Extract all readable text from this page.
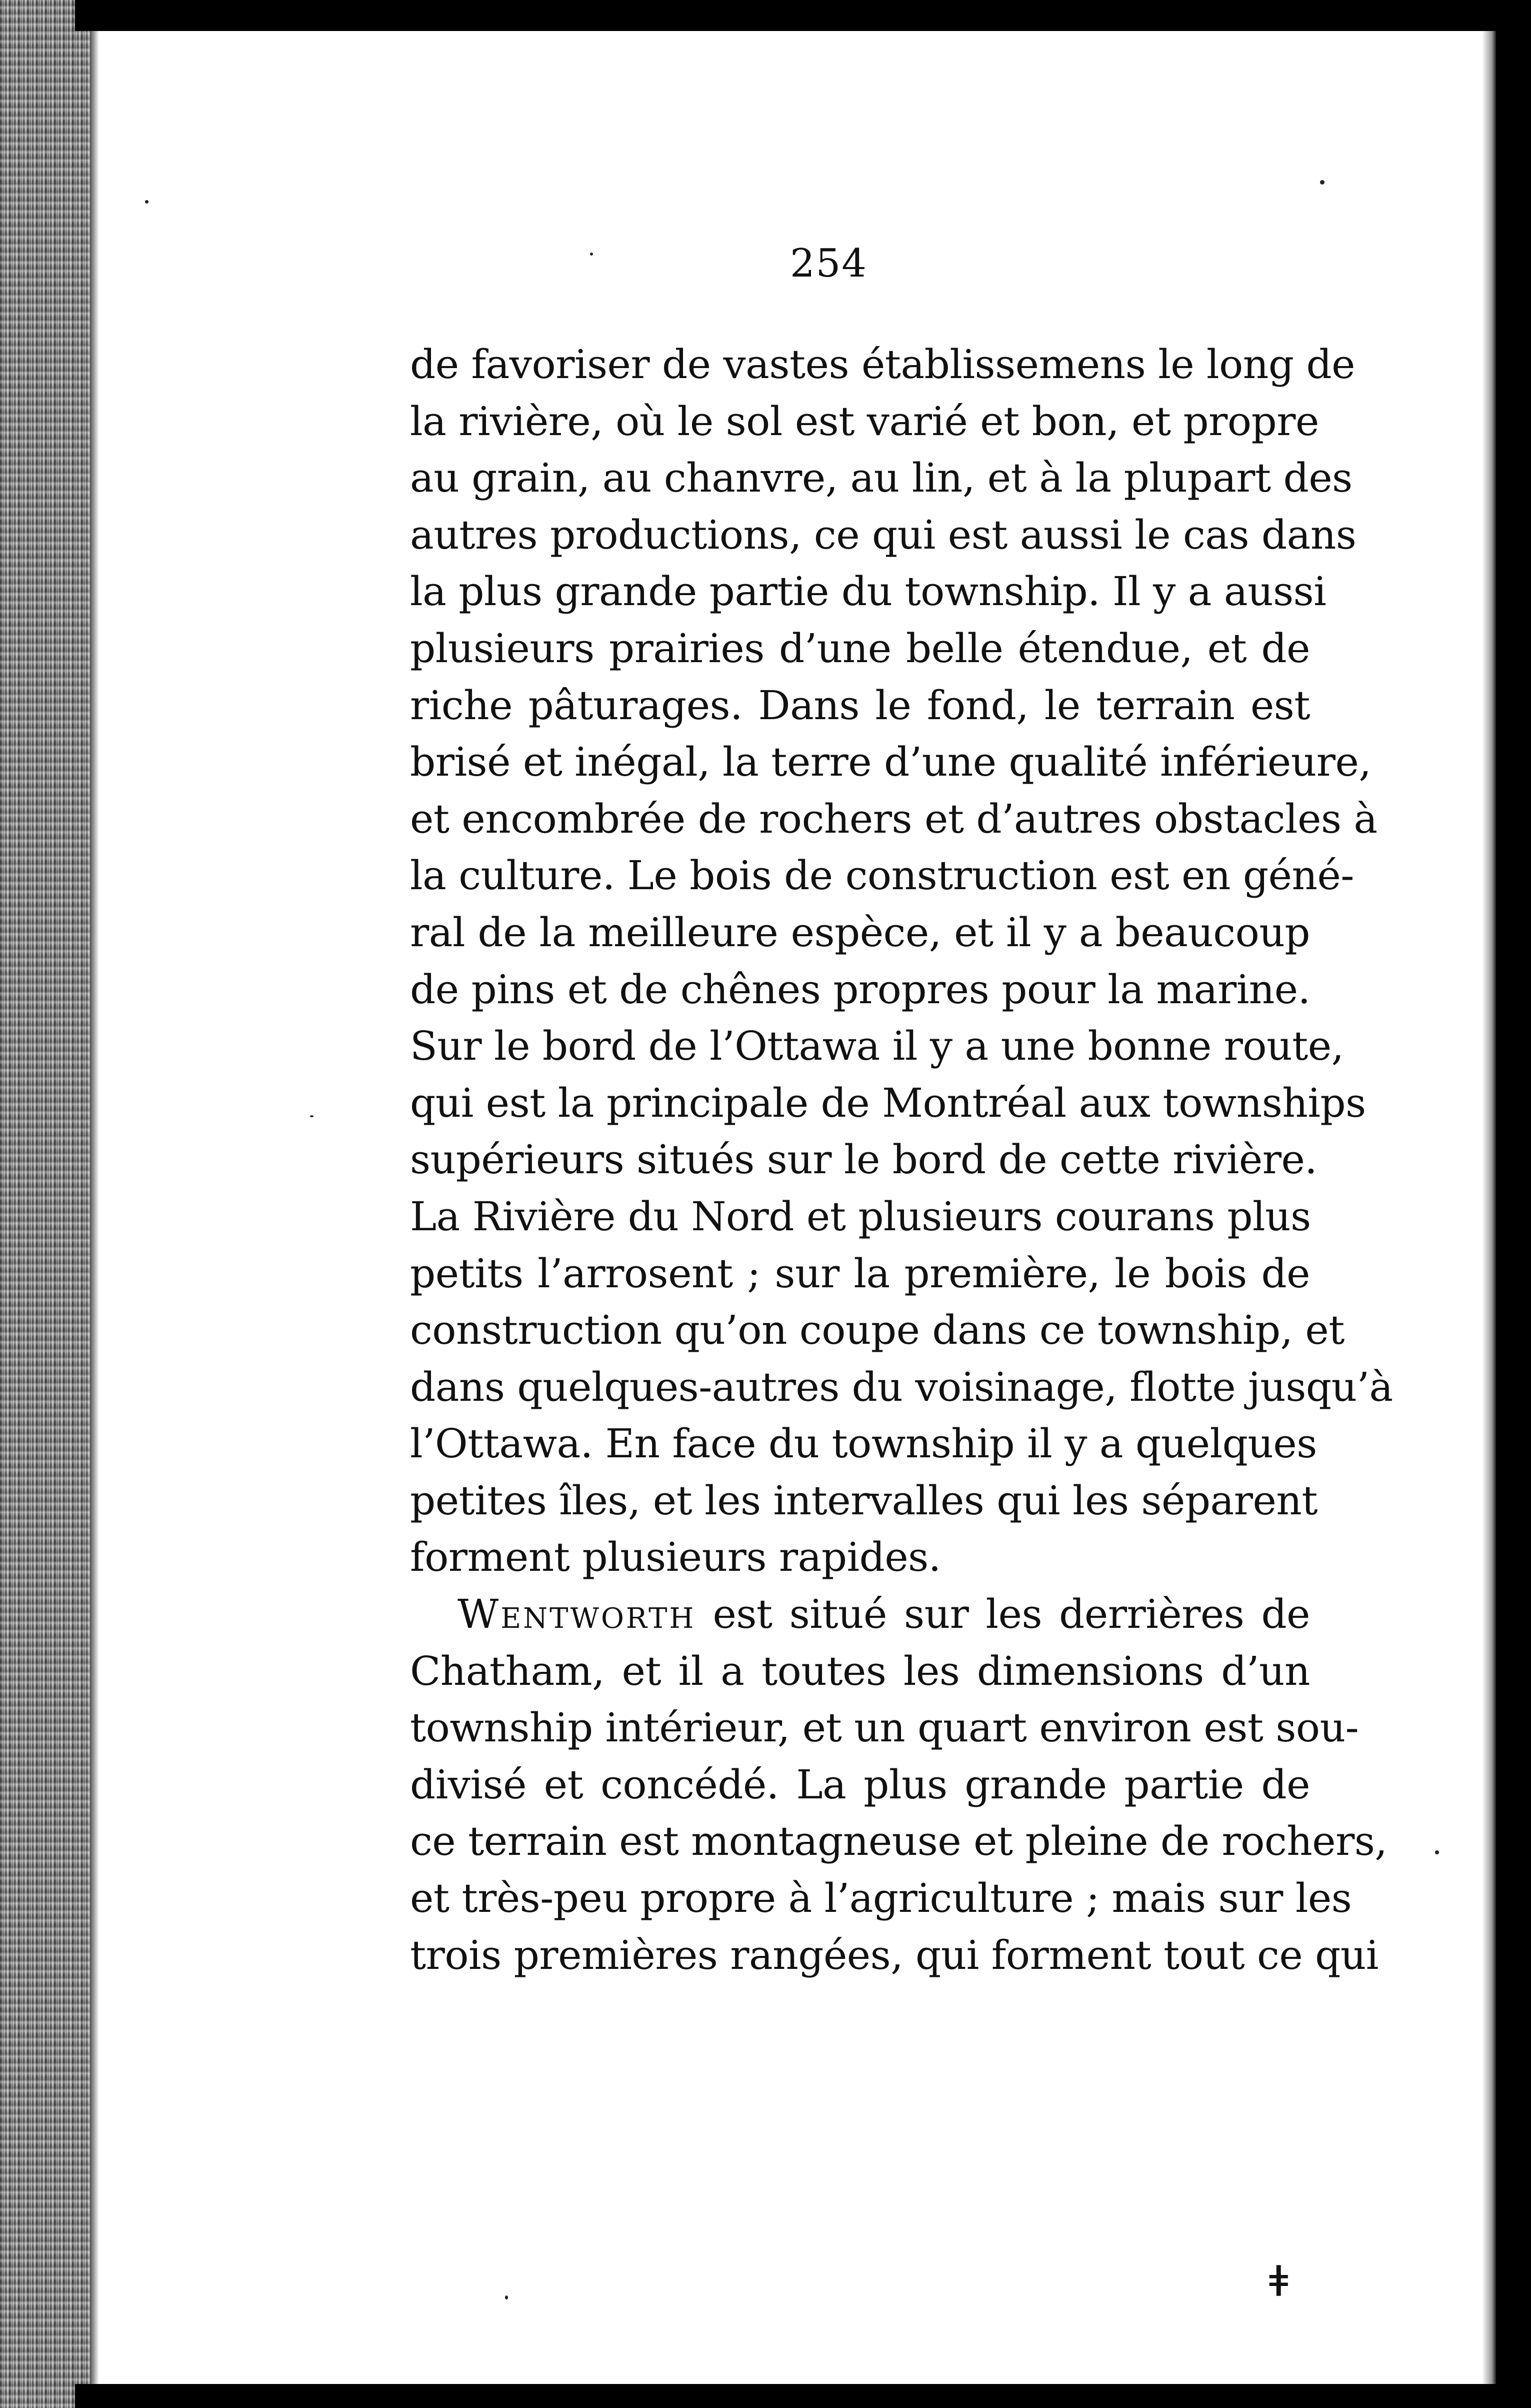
254
de favoriser de vastes établissemens le long de
la rivière, où le sol est varié et bon, et propre
au grain, au chanvre, au lin, et à la plupart des
autres productions, ce qui est aussi le cas dans
la plus grande partie du township. Il y a aussi
plusieurs prairies d’une belle étendue, et de
riche pâturages. Dans le fond, le terrain est
brisé et inégal, la terre d’une qualité inférieure,
et encombrée de rochers et d’autres obstacles à
la culture. Le bois de construction est en géné-
ral de la meilleure espèce, et il y a beaucoup
de pins et de chênes propres pour la marine.
Sur le bord de l’Ottawa il y a une bonne route,
qui est la principale de Montréal aux townships
supérieurs situés sur le bord de cette rivière.
La Rivière du Nord et plusieurs courans plus
petits l’arrosent ; sur la première, le bois de
construction qu’on coupe dans ce township, et
dans quelques-autres du voisinage, flotte jusqu’à
l’Ottawa. En face du township il y a quelques
petites îles, et les intervalles qui les séparent
forment plusieurs rapides.
Wentworth est situé sur les derrières de
Chatham, et il a toutes les dimensions d’un
township intérieur, et un quart environ est sou-
divisé et concédé. La plus grande partie de
ce terrain est montagneuse et pleine de rochers,
et très-peu propre à l’agriculture ; mais sur les
trois premières rangées, qui forment tout ce qui
ǂ
